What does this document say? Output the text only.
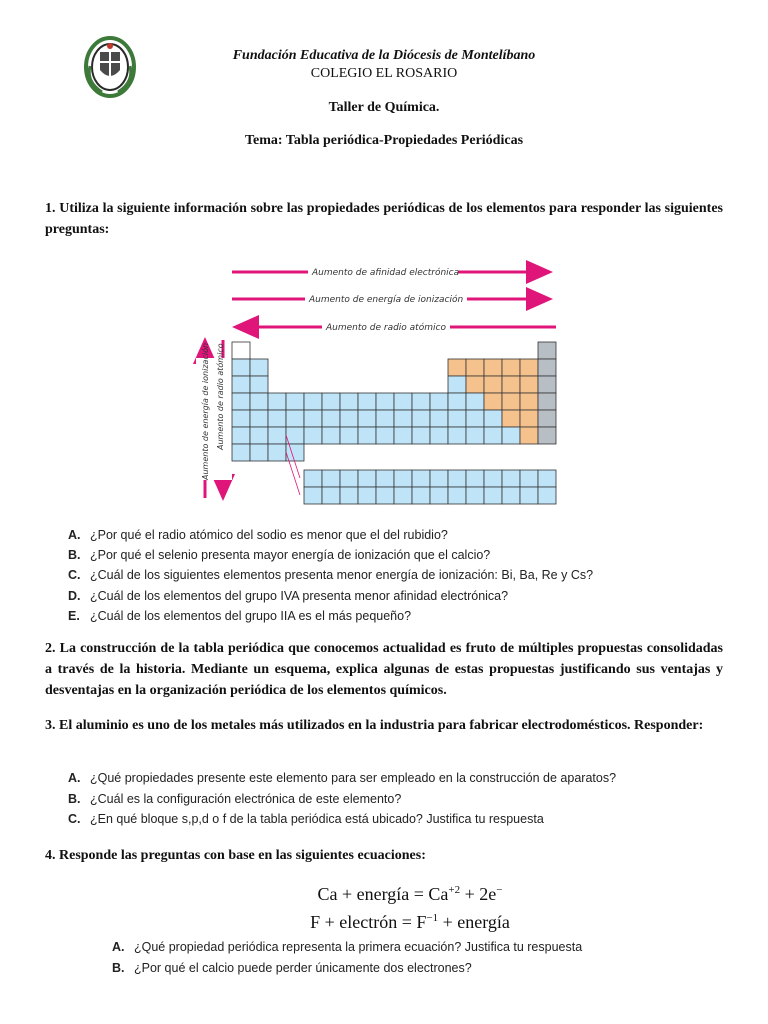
Fundación Educativa de la Diócesis de Montelíbano
COLEGIO EL ROSARIO
Taller de Química.
Tema: Tabla periódica-Propiedades Periódicas
1. Utiliza la siguiente información sobre las propiedades periódicas de los elementos para responder las siguientes preguntas:
Aumento de afinidad electrónica
Aumento de energía de ionización
Aumento de radio atómico
Aumento de energía de ionización Aumento de radio atómico
A. ¿Por qué el radio atómico del sodio es menor que el del rubidio?
B. ¿Por qué el selenio presenta mayor energía de ionización que el calcio?
C. ¿Cuál de los siguientes elementos presenta menor energía de ionización: Bi, Ba, Re y Cs?
D. ¿Cuál de los elementos del grupo IVA presenta menor afinidad electrónica?
E. ¿Cuál de los elementos del grupo IIA es el más pequeño?
2. La construcción de la tabla periódica que conocemos actualidad es fruto de múltiples propuestas consolidadas a través de la historia. Mediante un esquema, explica algunas de estas propuestas justificando sus ventajas y desventajas en la organización periódica de los elementos químicos.
3. El aluminio es uno de los metales más utilizados en la industria para fabricar electrodomésticos. Responder:
A. ¿Qué propiedades presente este elemento para ser empleado en la construcción de aparatos?
B. ¿Cuál es la configuración electrónica de este elemento?
C. ¿En qué bloque s,p,d o f de la tabla periódica está ubicado? Justifica tu respuesta
4. Responde las preguntas con base en las siguientes ecuaciones:
Ca + energía = $Ca^{+2} + 2e^-$
F + electrón = $F^{-1}$ + energía
A. ¿Qué propiedad periódica representa la primera ecuación? Justifica tu respuesta
B. ¿Por qué el calcio puede perder únicamente dos electrones?
